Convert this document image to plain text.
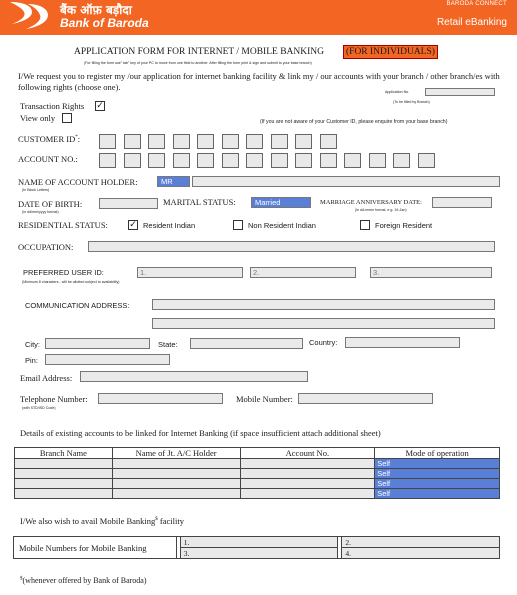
बैंक ऑफ़ बड़ौदा
Bank of Baroda
BARODA CONNECT
Retail eBanking
APPLICATION FORM FOR INTERNET / MOBILE BANKING	(FOR INDIVIDUALS)
(For filling the form use" tab" key of your PC to move from one field to another. After filling the form print & sign and submit to your base branch)
I/We request you to register my /our application for internet banking facility & link my / our accounts with your branch / other branch/es with following rights (choose one).	Application No.
(To be filled by Branch)
Transaction Rights ✓
View only	(If you are not aware of your Customer ID, please enquire from your base branch)
CUSTOMER ID*:
ACCOUNT NO.:
NAME OF ACCOUNT HOLDER:
(In Block Letters)
MR
DATE OF BIRTH:
(in dd/mm/yyyy format)
MARITAL STATUS:	Married	MARRIAGE ANNIVERSARY DATE:
(in dd-mmm format, e.g. 19-Jan)
RESIDENTIAL STATUS: ✓ Resident Indian	Non Resident Indian	Foreign Resident
OCCUPATION:
PREFERRED USER ID:
(Minimum 8 characters - will be allotted subject to availability)
1.	2.	3.
COMMUNICATION ADDRESS:
City:	State:	Country:
Pin:
Email Address:
Telephone Number:
(with STD/ISD Code)
Mobile Number:
Details of existing accounts to be linked for Internet Banking (if space insufficient attach additional sheet)
Branch Name	Name of Jt. A/C Holder	Account No.	Mode of operation
			Self
			Self
			Self
			Self
I/We also wish to avail Mobile Banking$ facility
Mobile Numbers for Mobile Banking		1.		2.
		3.		4.
$(whenever offered by Bank of Baroda)
